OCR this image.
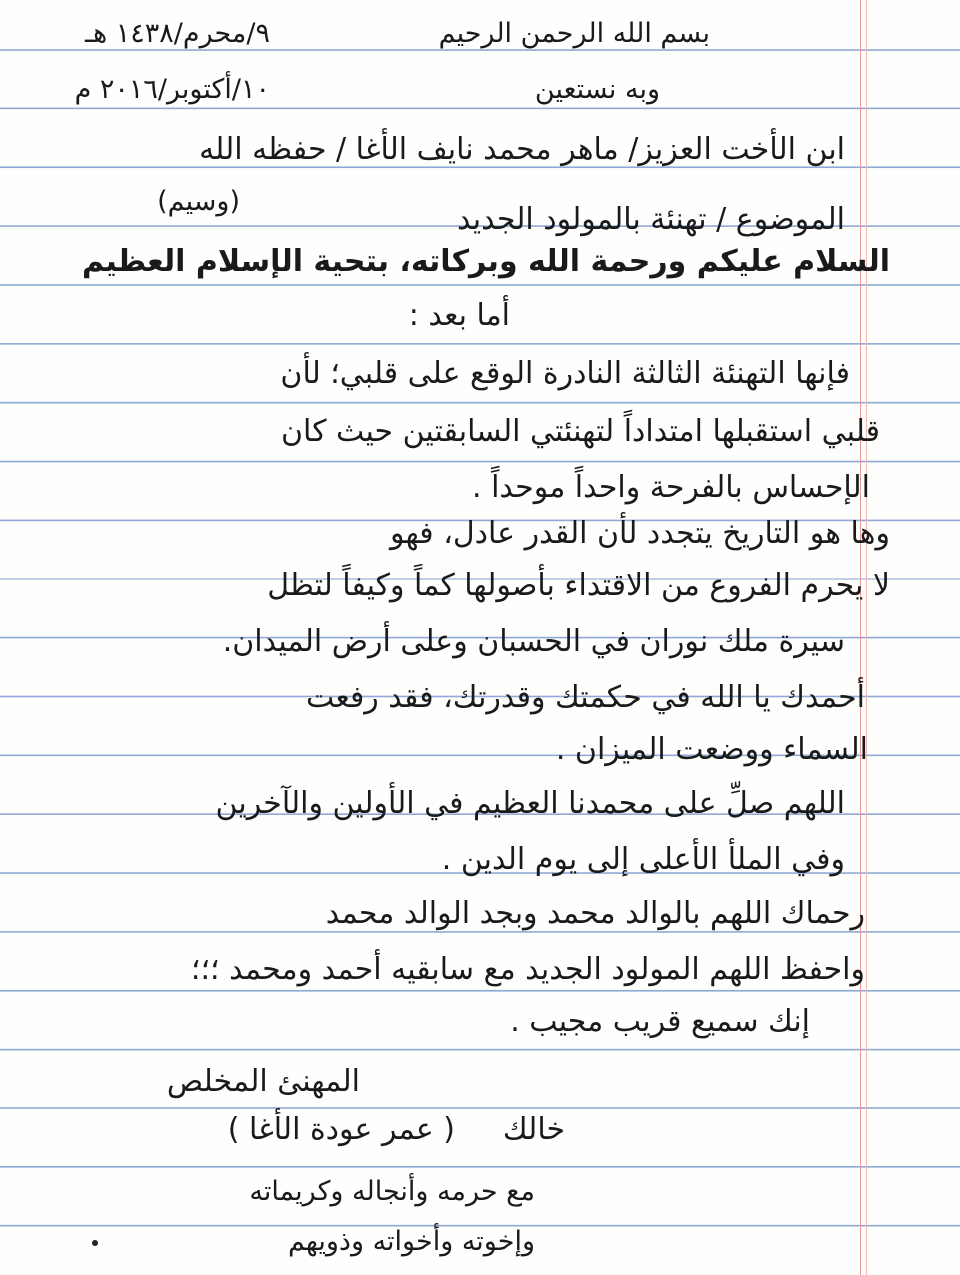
بسم الله الرحمن الرحيم
٩/محرم/١٤٣٨ هـ
وبه نستعين
١٠/أكتوبر/٢٠١٦ م
ابن الأخت العزيز/ ماهر محمد نايف الأغا / حفظه الله
(وسيم)
الموضوع / تهنئة بالمولود الجديد
السلام عليكم ورحمة الله وبركاته، بتحية الإسلام العظيم
أما بعد :
فإنها التهنئة الثالثة النادرة الوقع على قلبي؛ لأن
قلبي استقبلها امتداداً لتهنئتي السابقتين حيث كان
الإحساس بالفرحة واحداً موحداً .
وها هو التاريخ يتجدد لأن القدر عادل، فهو
لا يحرم الفروع من الاقتداء بأصولها كماً وكيفاً لتظل
سيرة ملك نوران في الحسبان وعلى أرض الميدان.
أحمدك يا الله في حكمتك وقدرتك، فقد رفعت
السماء ووضعت الميزان .
اللهم صلِّ على محمدنا العظيم في الأولين والآخرين
وفي الملأ الأعلى إلى يوم الدين .
رحماك اللهم بالوالد محمد وبجد الوالد محمد
واحفظ اللهم المولود الجديد مع سابقيه أحمد ومحمد ؛؛؛
إنك سميع قريب مجيب .
المهنئ المخلص
خالك
( عمر عودة الأغا )
مع حرمه وأنجاله وكريماته
وإخوته وأخواته وذويهم
